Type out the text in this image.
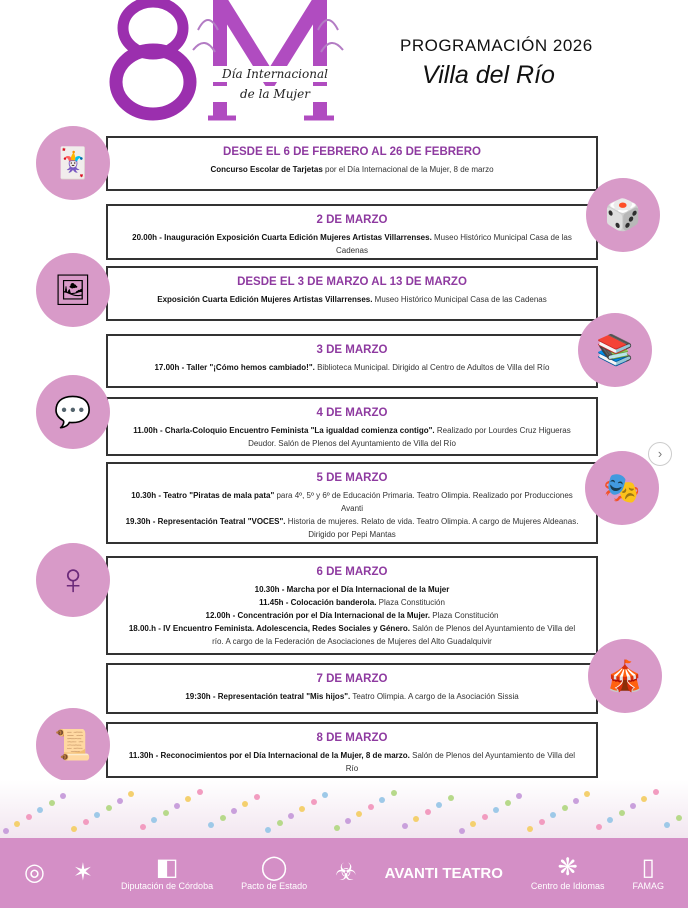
Día Internacional
de la Mujer
PROGRAMACIÓN 2026
Villa del Río
DESDE EL 6 DE FEBRERO AL 26 DE FEBRERO

Concurso Escolar de Tarjetas por el Día Internacional de la Mujer, 8 de marzo

2 DE MARZO

20.00h - Inauguración Exposición Cuarta Edición Mujeres Artistas Villarrenses. Museo Histórico Municipal Casa de las Cadenas

DESDE EL 3 DE MARZO AL 13 DE MARZO

Exposición Cuarta Edición Mujeres Artistas Villarrenses. Museo Histórico Municipal Casa de las Cadenas

3 DE MARZO

17.00h - Taller "¡Cómo hemos cambiado!". Biblioteca Municipal. Dirigido al Centro de Adultos de Villa del Río

4 DE MARZO

11.00h - Charla-Coloquio Encuentro Feminista "La igualdad comienza contigo". Realizado por Lourdes Cruz Higueras Deudor. Salón de Plenos del Ayuntamiento de Villa del Río

5 DE MARZO

10.30h - Teatro "Piratas de mala pata" para 4º, 5º y 6º de Educación Primaria. Teatro Olimpia. Realizado por Producciones Avanti

19.30h - Representación Teatral "VOCES". Historia de mujeres. Relato de vida. Teatro Olimpia. A cargo de Mujeres Aldeanas. Dirigido por Pepi Mantas

6 DE MARZO

10.30h - Marcha por el Día Internacional de la Mujer

11.45h - Colocación banderola. Plaza Constitución

12.00h - Concentración por el Día Internacional de la Mujer. Plaza Constitución

18.00.h - IV Encuentro Feminista. Adolescencia, Redes Sociales y Género. Salón de Plenos del Ayuntamiento de Villa del río. A cargo de la Federación de Asociaciones de Mujeres del Alto Guadalquivir

7 DE MARZO

19:30h - Representación teatral "Mis hijos". Teatro Olimpia. A cargo de la Asociación Sissia

8 DE MARZO

11.30h - Reconocimientos por el Día Internacional de la Mujer, 8 de marzo. Salón de Plenos del Ayuntamiento de Villa del Río

🃏
🎲
🖼
📚
💬
🎭
♀
🎪
📜
›
◎ ✶	◧
Diputación de Córdoba
◯
Pacto de Estado ☣ AVANTI TEATRO	❋
Centro de Idiomas
▯
FAMAG
